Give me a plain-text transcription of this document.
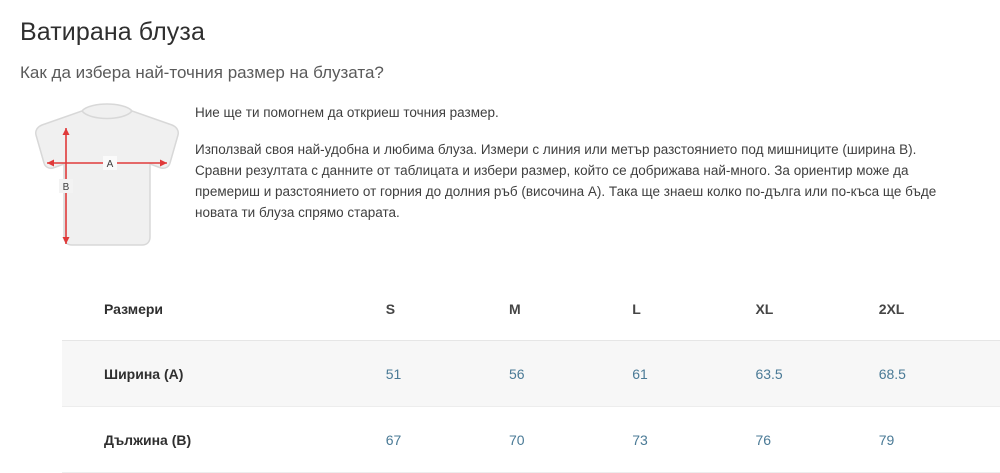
Ватирана блуза
Как да избера най-точния размер на блузата?
A
B

Ние ще ти помогнем да откриеш точния размер.

Използвай своя най-удобна и любима блуза. Измери с линия или метър разстоянието под мишниците (ширина B). Сравни резултата с данните от таблицата и избери размер, който се добрижава най-много. За ориентир може да премериш и разстоянието от горния до долния ръб (височина A). Така ще знаеш колко по-дълга или по-къса ще бъде новата ти блуза спрямо старата.

Размери	S	M	L	XL	2XL
Ширина (A)	51	56	61	63.5	68.5
Дължина (B)	67	70	73	76	79
